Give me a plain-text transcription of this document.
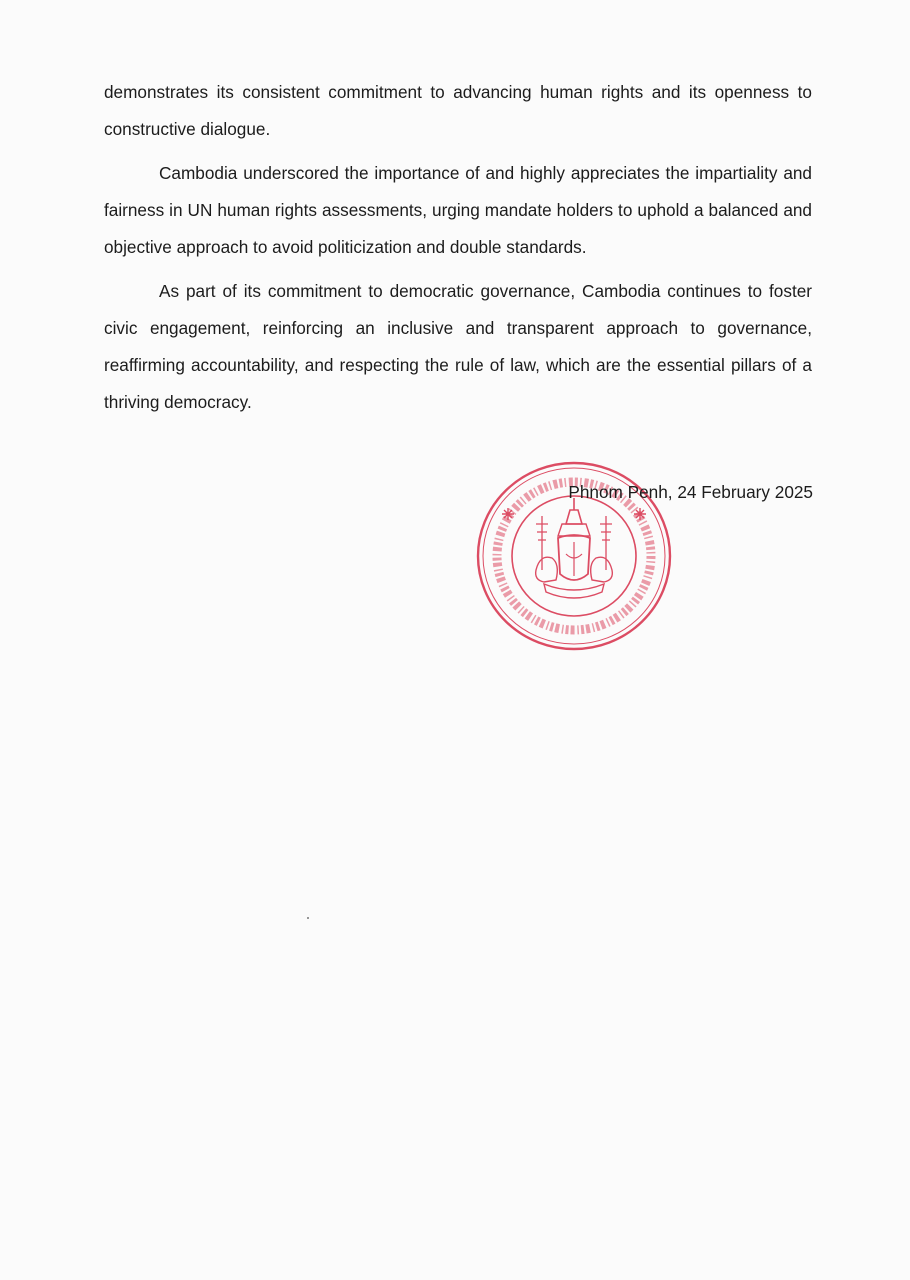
demonstrates its consistent commitment to advancing human rights and its openness to constructive dialogue.

Cambodia underscored the importance of and highly appreciates the impartiality and fairness in UN human rights assessments, urging mandate holders to uphold a balanced and objective approach to avoid politicization and double standards.

As part of its commitment to democratic governance, Cambodia continues to foster civic engagement, reinforcing an inclusive and transparent approach to governance, reaffirming accountability, and respecting the rule of law, which are the essential pillars of a thriving democracy.

Phnom Penh, 24 February 2025
